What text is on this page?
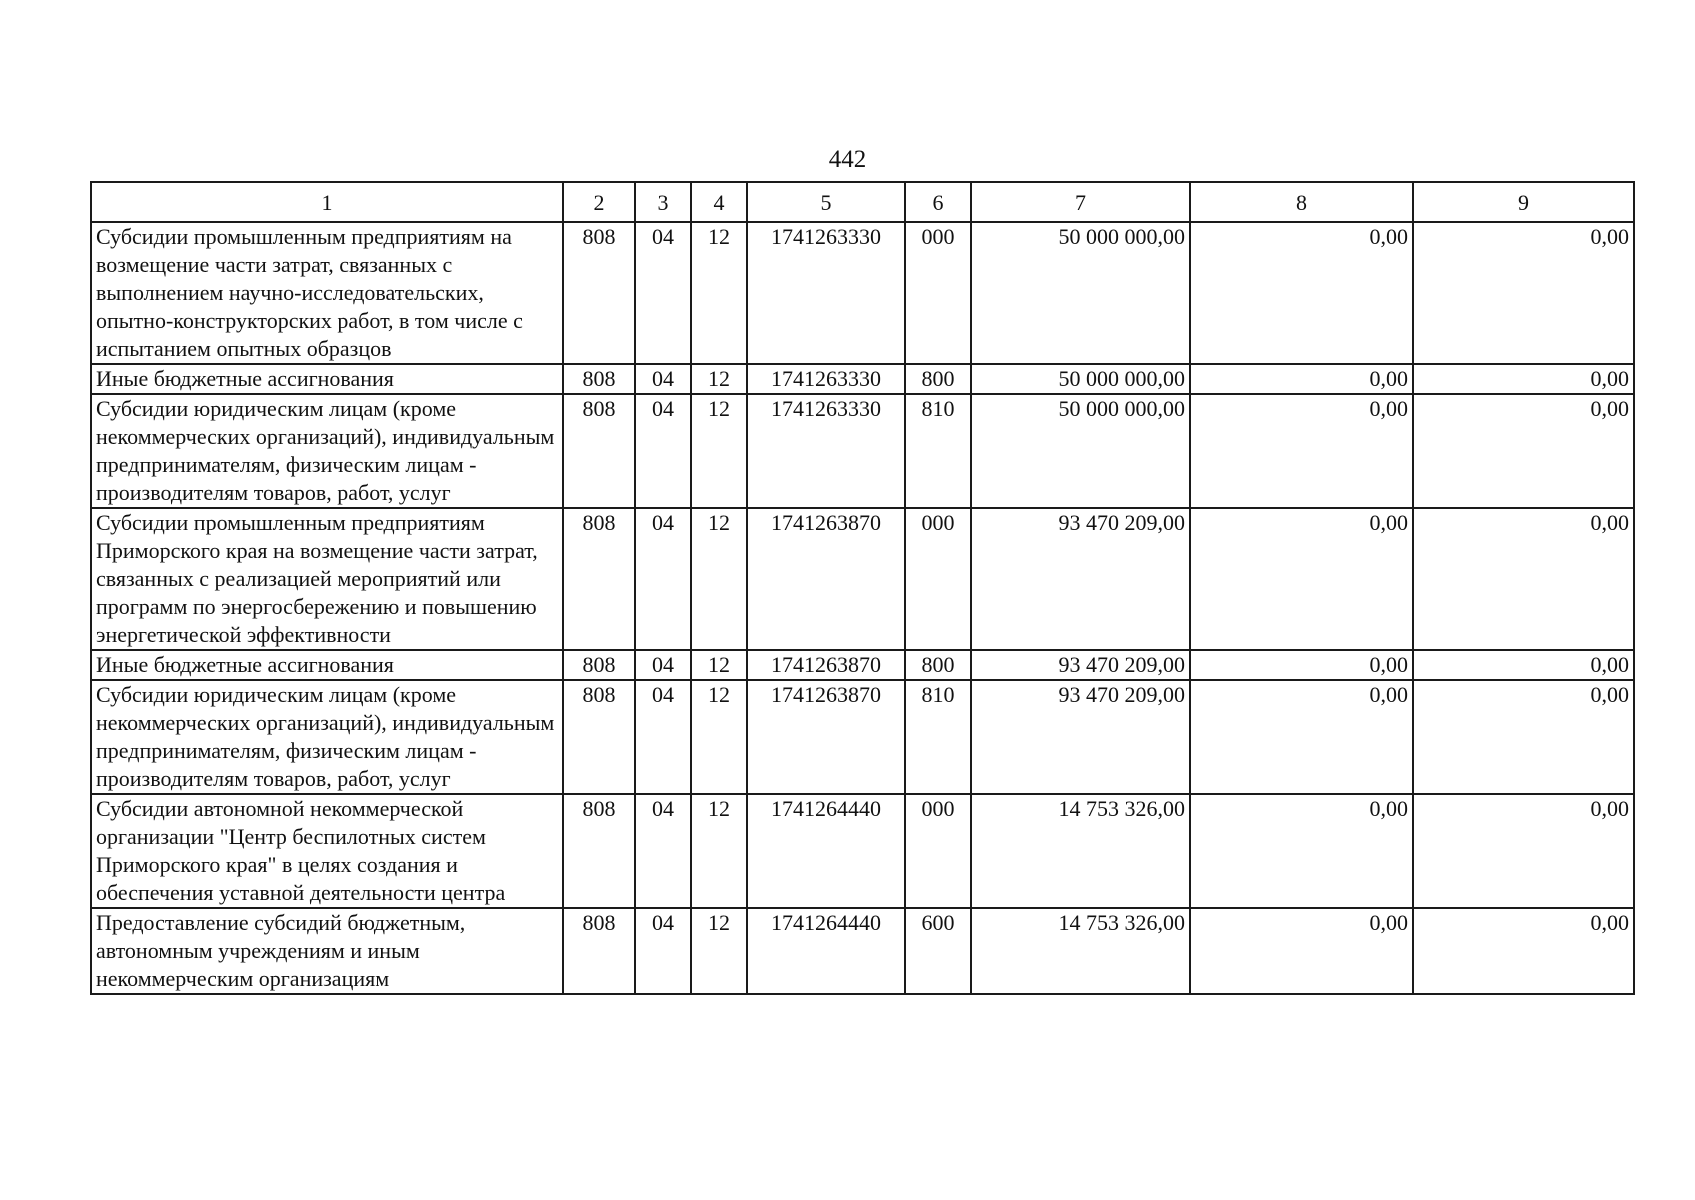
442
1	2	3	4	5	6	7	8	9
Субсидии промышленным предприятиям на возмещение части затрат, связанных с выполнением научно-исследовательских, опытно-конструкторских работ, в том числе с испытанием опытных образцов	808	04	12	1741263330	000	50 000 000,00	0,00	0,00
Иные бюджетные ассигнования	808	04	12	1741263330	800	50 000 000,00	0,00	0,00
Субсидии юридическим лицам (кроме некоммерческих организаций), индивидуальным предпринимателям, физическим лицам - производителям товаров, работ, услуг	808	04	12	1741263330	810	50 000 000,00	0,00	0,00
Субсидии промышленным предприятиям Приморского края на возмещение части затрат, связанных с реализацией мероприятий или программ по энергосбережению и повышению энергетической эффективности	808	04	12	1741263870	000	93 470 209,00	0,00	0,00
Иные бюджетные ассигнования	808	04	12	1741263870	800	93 470 209,00	0,00	0,00
Субсидии юридическим лицам (кроме некоммерческих организаций), индивидуальным предпринимателям, физическим лицам - производителям товаров, работ, услуг	808	04	12	1741263870	810	93 470 209,00	0,00	0,00
Субсидии автономной некоммерческой организации "Центр беспилотных систем Приморского края" в целях создания и обеспечения уставной деятельности центра	808	04	12	1741264440	000	14 753 326,00	0,00	0,00
Предоставление субсидий бюджетным, автономным учреждениям и иным некоммерческим организациям	808	04	12	1741264440	600	14 753 326,00	0,00	0,00
